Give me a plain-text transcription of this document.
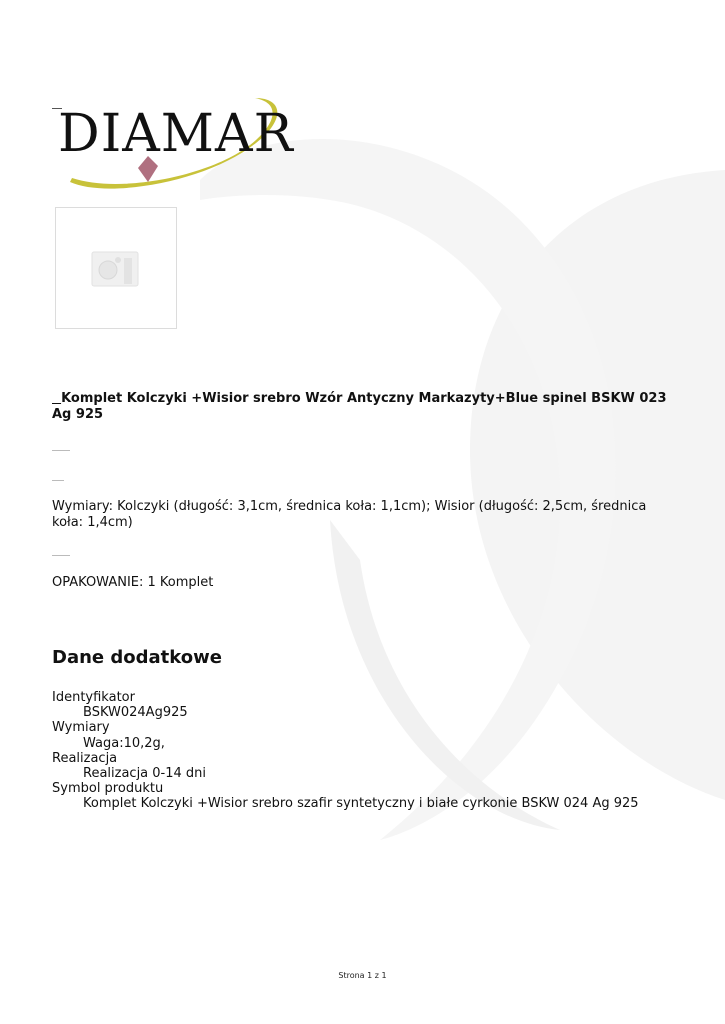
DIAMAR
Komplet Kolczyki +Wisior srebro Wzór Antyczny Markazyty+Blue spinel BSKW 023 Ag 925
Wymiary: Kolczyki (długość: 3,1cm, średnica koła: 1,1cm); Wisior (długość: 2,5cm, średnica koła: 1,4cm)
OPAKOWANIE: 1 Komplet
Dane dodatkowe

Identyfikator

BSKW024Ag925

Wymiary

Waga:10,2g,

Realizacja

Realizacja 0-14 dni

Symbol produktu

Komplet Kolczyki +Wisior srebro szafir syntetyczny i białe cyrkonie BSKW 024 Ag 925

Strona 1 z 1
